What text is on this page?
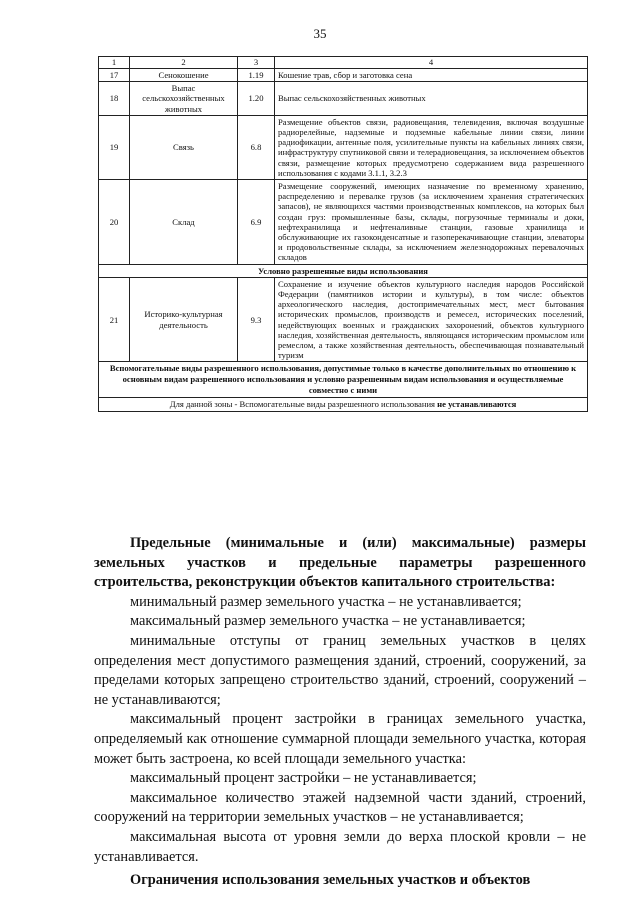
35
1	2	3	4
17	Сенокошение	1.19	Кошение трав, сбор и заготовка сена
18	Выпас сельскохозяйственных животных	1.20	Выпас сельскохозяйственных животных
19	Связь	6.8	Размещение объектов связи, радиовещания, телевидения, включая воздушные радиорелейные, надземные и подземные кабельные линии связи, линии радиофикации, антенные поля, усилительные пункты на кабельных линиях связи, инфраструктуру спутниковой связи и телерадиовещания, за исключением объектов связи, размещение которых предусмотрено содержанием вида разрешенного использования с кодами 3.1.1, 3.2.3
20	Склад	6.9	Размещение сооружений, имеющих назначение по временному хранению, распределению и перевалке грузов (за исключением хранения стратегических запасов), не являющихся частями производственных комплексов, на которых был создан груз: промышленные базы, склады, погрузочные терминалы и доки, нефтехранилища и нефтеналивные станции, газовые хранилища и обслуживающие их газоконденсатные и газоперекачивающие станции, элеваторы и продовольственные склады, за исключением железнодорожных перевалочных складов
Условно разрешенные виды использования			
21	Историко-культурная деятельность	9.3	Сохранение и изучение объектов культурного наследия народов Российской Федерации (памятников истории и культуры), в том числе: объектов археологического наследия, достопримечательных мест, мест бытования исторических промыслов, производств и ремесел, исторических поселений, недействующих военных и гражданских захоронений, объектов культурного наследия, хозяйственная деятельность, являющаяся историческим промыслом или ремеслом, а также хозяйственная деятельность, обеспечивающая познавательный туризм
Вспомогательные виды разрешенного использования, допустимые только в качестве дополнительных по отношению к основным видам разрешенного использования и условно разрешенным видам использования и осуществляемые совместно с ними			
Для данной зоны - Вспомогательные виды разрешенного использования не устанавливаются			

Предельные (минимальные и (или) максимальные) размеры земельных участков и предельные параметры разрешенного строительства, реконструкции объектов капитального строительства:

минимальный размер земельного участка – не устанавливается;

максимальный размер земельного участка – не устанавливается;

минимальные отступы от границ земельных участков в целях определения мест допустимого размещения зданий, строений, сооружений, за пределами которых запрещено строительство зданий, строений, сооружений – не устанавливаются;

максимальный процент застройки в границах земельного участка, определяемый как отношение суммарной площади земельного участка, которая может быть застроена, ко всей площади земельного участка:

максимальный процент застройки – не устанавливается;

максимальное количество этажей надземной части зданий, строений, сооружений на территории земельных участков – не устанавливается;

максимальная высота от уровня земли до верха плоской кровли – не устанавливается.

Ограничения использования земельных участков и объектов
